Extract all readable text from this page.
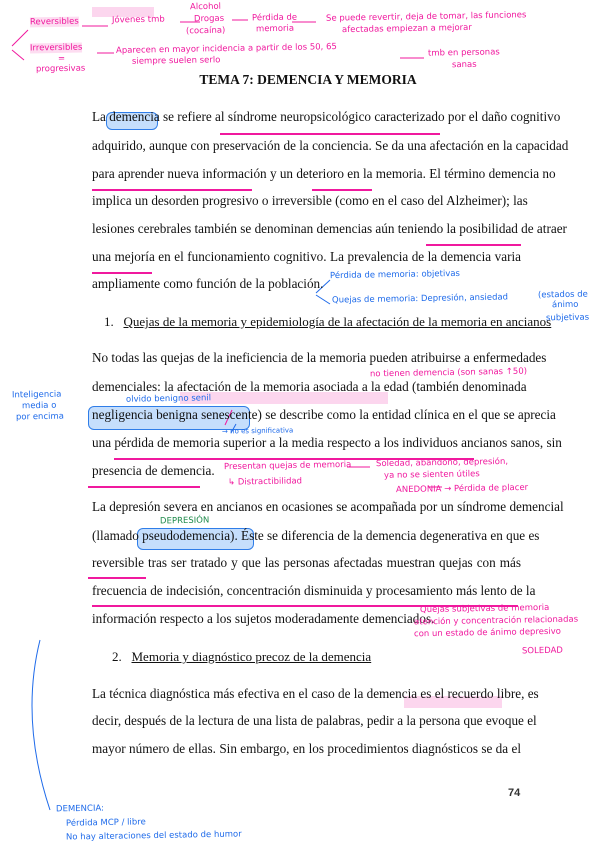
Reversibles	Jóvenes tmb
Alcohol
Drogas
(cocaína)
Pérdida de
memoria
Se puede revertir, deja de tomar, las funciones
afectadas empiezan a mejorar
Irreversibles
=
progresivas
Aparecen en mayor incidencia a partir de los 50, 65
siempre suelen serlo
tmb en personas
sanas
TEMA 7: DEMENCIA Y MEMORIA
La demencia se refiere al síndrome neuropsicológico caracterizado por el daño cognitivo
adquirido, aunque con preservación de la conciencia. Se da una afectación en la capacidad
para aprender nueva información y un deterioro en la memoria. El término demencia no
implica un desorden progresivo o irreversible (como en el caso del Alzheimer); las
lesiones cerebrales también se denominan demencias aún teniendo la posibilidad de atraer
una mejoría en el funcionamiento cognitivo. La prevalencia de la demencia varia
ampliamente como función de la población.
Pérdida de memoria: objetivas
Quejas de memoria: Depresión, ansiedad	(estados de
ánimo
subjetivas
1. Quejas de la memoria y epidemiología de la afectación de la memoria en ancianos
No todas las quejas de la ineficiencia de la memoria pueden atribuirse a enfermedades
no tienen demencia (son sanas ↑50)
demenciales: la afectación de la memoria asociada a la edad (también denominada
olvido benigno senil
negligencia benigna senescente) se describe como la entidad clínica en el que se aprecia
Inteligencia
media o
por encima
→ no es significativa
una pérdida de memoria superior a la media respecto a los individuos ancianos sanos, sin
presencia de demencia.	Presentan quejas de memoria
↳ Distractibilidad
Soledad, abandono, depresión,
ya no se sienten útiles
ANEDONIA → Pérdida de placer
La depresión severa en ancianos en ocasiones se acompañada por un síndrome demencial
DEPRESIÓN
(llamado pseudodemencia). Éste se diferencia de la demencia degenerativa en que es
reversible tras ser tratado y que las personas afectadas muestran quejas con más
frecuencia de indecisión, concentración disminuida y procesamiento más lento de la
información respecto a los sujetos moderadamente demenciados.
Quejas subjetivas de memoria
atención y concentración relacionadas
con un estado de ánimo depresivo
SOLEDAD
2. Memoria y diagnóstico precoz de la demencia
La técnica diagnóstica más efectiva en el caso de la demencia es el recuerdo libre, es
decir, después de la lectura de una lista de palabras, pedir a la persona que evoque el
mayor número de ellas. Sin embargo, en los procedimientos diagnósticos se da el
74
DEMENCIA:
Pérdida MCP / libre
No hay alteraciones del estado de humor
